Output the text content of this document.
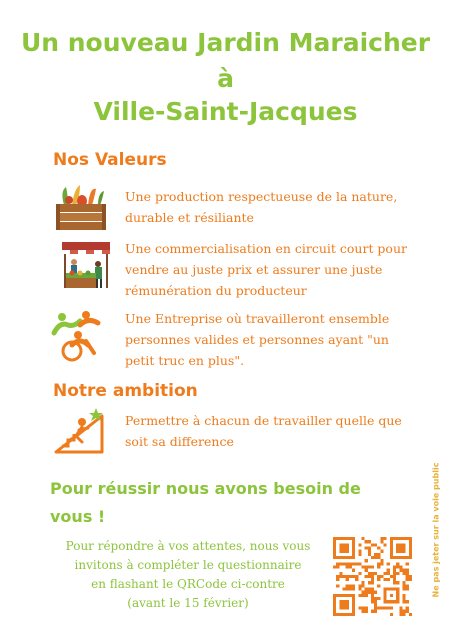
Un nouveau Jardin Maraicher

à

Ville-Saint-Jacques

Nos Valeurs

Une production respectueuse de la nature, durable et résiliante

Une commercialisation en circuit court pour vendre au juste prix et assurer une juste rémunération du producteur

Une Entreprise où travailleront ensemble personnes valides et personnes ayant "un petit truc en plus".

Notre ambition

Permettre à chacun de travailler quelle que soit sa difference

Pour réussir nous avons besoin de vous !

Pour répondre à vos attentes, nous vous
invitons à compléter le questionnaire
en flashant le QRCode ci-contre
(avant le 15 février)

Ne pas jeter sur la voie public
